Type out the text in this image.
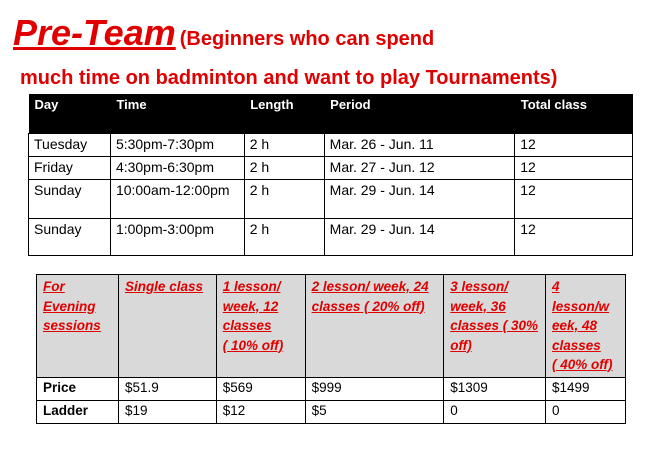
Pre-Team (Beginners who can spend
much time on badminton and want to play Tournaments)
Day	Time	Length	Period	Total class
Tuesday	5:30pm-7:30pm	2 h	Mar. 26 - Jun. 11	12
Friday	4:30pm-6:30pm	2 h	Mar. 27 - Jun. 12	12
Sunday	10:00am-12:00pm	2 h	Mar. 29 - Jun. 14	12
Sunday	1:00pm-3:00pm	2 h	Mar. 29 - Jun. 14	12
For
Evening
sessions	Single class	1 lesson/
week, 12
classes
( 10% off)	2 lesson/ week, 24
classes ( 20% off)	3 lesson/
week, 36
classes ( 30%
off)	4
lesson/w
eek, 48
classes
( 40% off)

Price	$51.9	$569	$999	$1309	$1499
Ladder	$19	$12	$5	0	0
